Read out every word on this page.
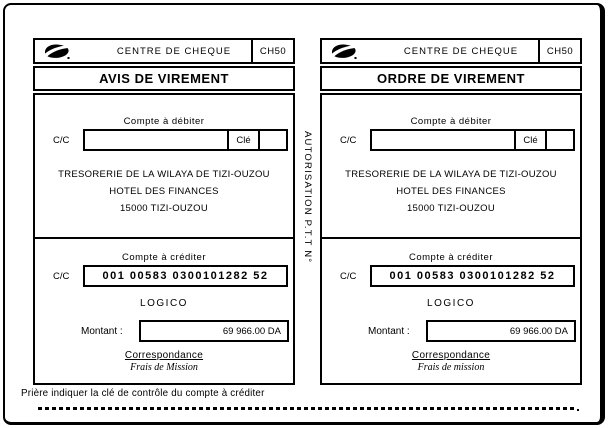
CENTRE DE CHEQUE	CH50
AVIS DE VIREMENT
Compte à débiter
C/C	Clé
TRESORERIE DE LA WILAYA DE TIZI-OUZOU
HOTEL DES FINANCES
15000 TIZI-OUZOU
Compte à créditer
C/C	001 00583 0300101282 52
LOGICO
Montant :	69 966.00 DA
Correspondance
Frais de Mission
AUTORISATION P.T.T N°
CENTRE DE CHEQUE	CH50
ORDRE DE VIREMENT
Compte à débiter
C/C	Clé
TRESORERIE DE LA WILAYA DE TIZI-OUZOU
HOTEL DES FINANCES
15000 TIZI-OUZOU
Compte à créditer
C/C	001 00583 0300101282 52
LOGICO
Montant :	69 966.00 DA
Correspondance
Frais de mission
Prière indiquer la clé de contrôle du compte à créditer
